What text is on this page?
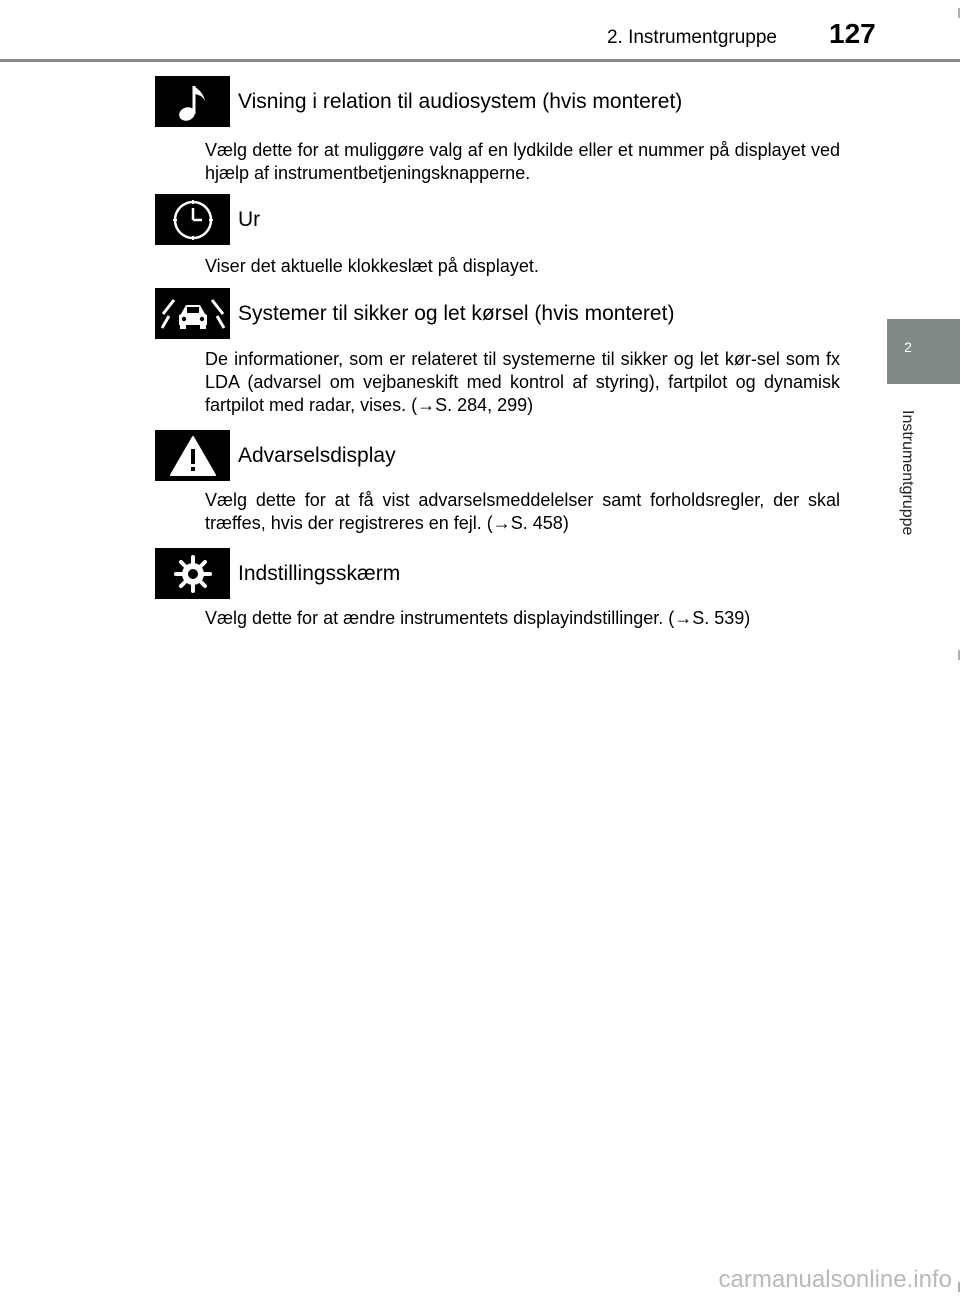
2. Instrumentgruppe 127
2
Instrumentgruppe
Visning i relation til audiosystem (hvis monteret)
Vælg dette for at muliggøre valg af en lydkilde eller et nummer på displayet ved hjælp af instrumentbetjeningsknapperne.
Ur
Viser det aktuelle klokkeslæt på displayet.
Systemer til sikker og let kørsel (hvis monteret)
De informationer, som er relateret til systemerne til sikker og let kør-sel som fx LDA (advarsel om vejbaneskift med kontrol af styring), fartpilot og dynamisk fartpilot med radar, vises. (→S. 284, 299)
Advarselsdisplay
Vælg dette for at få vist advarselsmeddelelser samt forholdsregler, der skal træffes, hvis der registreres en fejl. (→S. 458)
Indstillingsskærm
Vælg dette for at ændre instrumentets displayindstillinger. (→S. 539)
carmanualsonline.info
